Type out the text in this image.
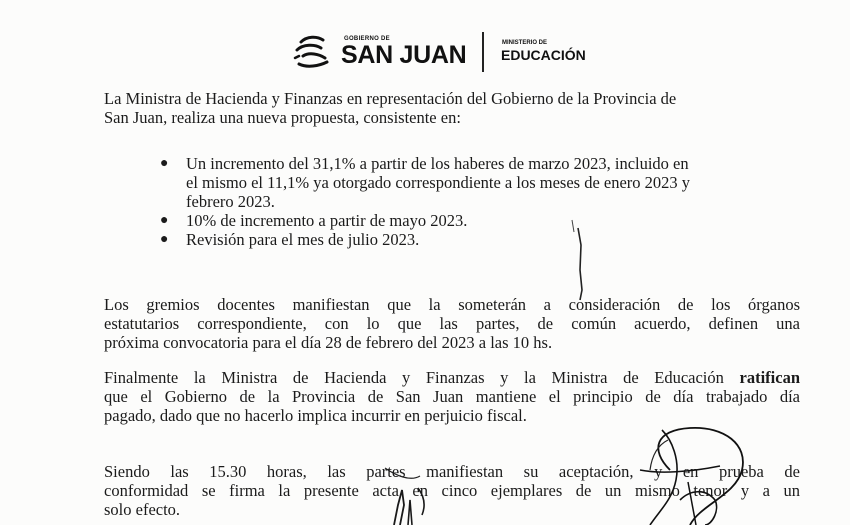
GOBIERNO DE
SAN JUAN	MINISTERIO DE
EDUCACIÓN
La Ministra de Hacienda y Finanzas en representación del Gobierno de la Provincia de
San Juan, realiza una nueva propuesta, consistente en:
● Un incremento del 31,1% a partir de los haberes de marzo 2023, incluido en
el mismo el 11,1% ya otorgado correspondiente a los meses de enero 2023 y
febrero 2023.
● 10% de incremento a partir de mayo 2023.
● Revisión para el mes de julio 2023.
Los gremios docentes manifiestan que la someterán a consideración de los órganos
estatutarios correspondiente, con lo que las partes, de común acuerdo, definen una
próxima convocatoria para el día 28 de febrero del 2023 a las 10 hs.
Finalmente la Ministra de Hacienda y Finanzas y la Ministra de Educación ratifican
que el Gobierno de la Provincia de San Juan mantiene el principio de día trabajado día
pagado, dado que no hacerlo implica incurrir en perjuicio fiscal.
Siendo las 15.30 horas, las partes manifiestan su aceptación, y en prueba de
conformidad se firma la presente acta en cinco ejemplares de un mismo tenor y a un
solo efecto.
